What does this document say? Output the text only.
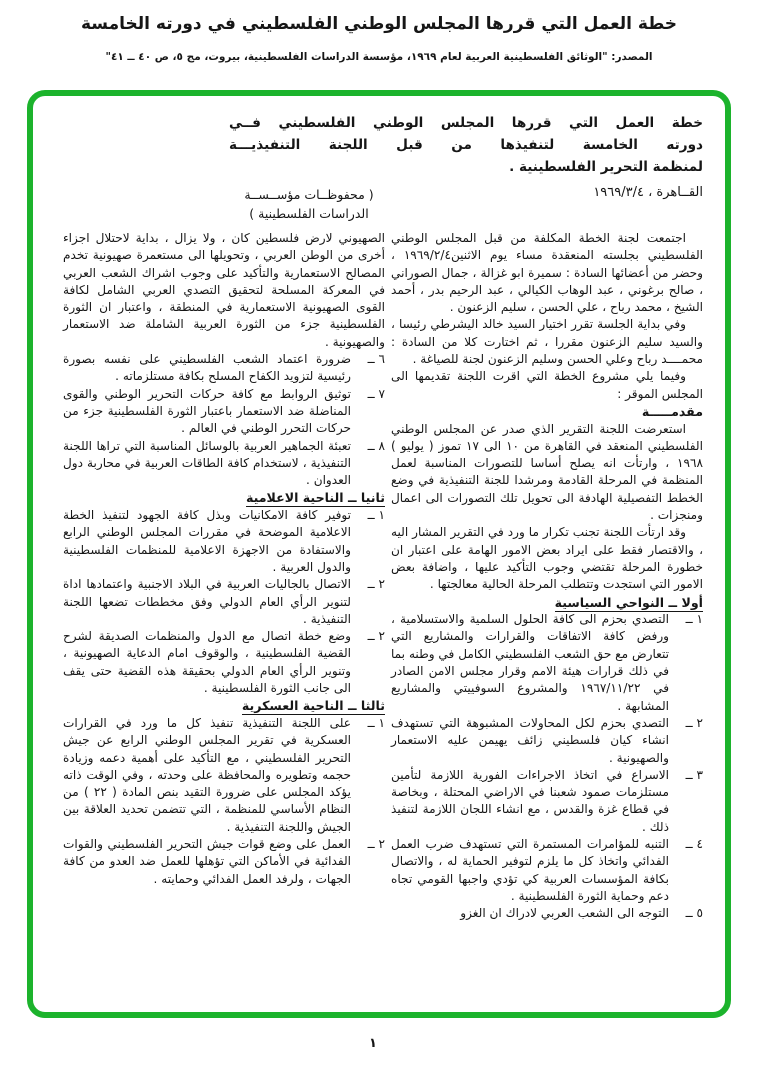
خطة العمل التي قررها المجلس الوطني الفلسطيني في دورته الخامسة
المصدر: "الوثائق الفلسطينية العربية لعام ١٩٦٩، مؤسسة الدراسات الفلسطينية، بيروت، مج ٥، ص ٤٠ ــ ٤١"
خطة العمل التي قررها المجلس الوطني الفلسطيني فــي
دورته الخامسة لتنفيذها من قبل اللجنة التنفيذيـــة
لمنظمة التحرير الفلسطينية .
القــاهرة ، ١٩٦٩/٣/٤
( محفوظــات مؤســســة
الدراسات الفلسطينية )

اجتمعت لجنة الخطة المكلفة من قبل المجلس الوطني الفلسطيني بجلسته المنعقدة مساء يوم الاثنين١٩٦٩/٢/٤ ، وحضر من أعضائها السادة : سميرة ابو غزالة ، جمال الصوراني ، صالح برغوني ، عبد الوهاب الكيالي ، عبد الرحيم بدر ، أحمد الشيخ ، محمد رباح ، علي الحسن ، سليم الزعنون .

وفي بداية الجلسة تقرر اختيار السيد خالد اليشرطي رئيسا ، والسيد سليم الزعنون مقررا ، ثم اختارت كلا من السادة : محمــــد رباح وعلي الحسن وسليم الزعنون لجنة للصياغة .

وفيما يلي مشروع الخطة التي اقرت اللجنة تقديمها الى المجلس الموقر :

مقدمـــــة

استعرضت اللجنة التقرير الذي صدر عن المجلس الوطني الفلسطيني المنعقد في القاهرة من ١٠ الى ١٧ تموز ( يوليو ) ١٩٦٨ ، وارتأت انه يصلح أساسا للتصورات المناسبة لعمل المنظمة في المرحلة القادمة ومرشدا للجنة التنفيذية في وضع الخطط التفصيلية الهادفة الى تحويل تلك التصورات الى اعمال ومنجزات .

وقد ارتأت اللجنة تجنب تكرار ما ورد في التقرير المشار اليه ، والاقتصار فقط على ايراد بعض الامور الهامة على اعتبار ان خطورة المرحلة تقتضي وجوب التأكيد عليها ، واضافة بعض الامور التي استجدت وتتطلب المرحلة الحالية معالجتها .

أولا ــ النواحي السياسية
١ ــ
التصدي بحزم الى كافة الحلول السلمية والاستسلامية ، ورفض كافة الاتفاقات والقرارات والمشاريع التي تتعارض مع حق الشعب الفلسطيني الكامل في وطنه بما في ذلك قرارات هيئة الامم وقرار مجلس الامن الصادر في ١٩٦٧/١١/٢٢ والمشروع السوفييتي والمشاريع المشابهة .
٢ ــ
التصدي بحزم لكل المحاولات المشبوهة التي تستهدف انشاء كيان فلسطيني زائف يهيمن عليه الاستعمار والصهيونية .
٣ ــ
الاسراع في اتخاذ الاجراءات الفورية اللازمة لتأمين مستلزمات صمود شعبنا في الاراضي المحتلة ، وبخاصة في قطاع غزة والقدس ، مع انشاء اللجان اللازمة لتنفيذ ذلك .
٤ ــ
التنبه للمؤامرات المستمرة التي تستهدف ضرب العمل الفدائي واتخاذ كل ما يلزم لتوفير الحماية له ، والاتصال بكافة المؤسسات العربية كي تؤدي واجبها القومي تجاه دعم وحماية الثورة الفلسطينية .
٥ ــ
التوجه الى الشعب العربي لادراك ان الغزو

الصهيوني لارض فلسطين كان ، ولا يزال ، بداية لاحتلال اجزاء أخرى من الوطن العربي ، وتحويلها الى مستعمرة صهيونية تخدم المصالح الاستعمارية والتأكيد على وجوب اشراك الشعب العربي في المعركة المسلحة لتحقيق التصدي العربي الشامل لكافة القوى الصهيونية الاستعمارية في المنطقة ، واعتبار ان الثورة الفلسطينية جزء من الثورة العربية الشاملة ضد الاستعمار والصهيونية .

٦ ــ
ضرورة اعتماد الشعب الفلسطيني على نفسه بصورة رئيسية لتزويد الكفاح المسلح بكافة مستلزماته .
٧ ــ
توثيق الروابط مع كافة حركات التحرير الوطني والقوى المناضلة ضد الاستعمار باعتبار الثورة الفلسطينية جزء من حركات التحرر الوطني في العالم .
٨ ــ
تعبئة الجماهير العربية بالوسائل المناسبة التي تراها اللجنة التنفيذية ، لاستخدام كافة الطاقات العربية في محاربة دول العدوان .
ثانيا ــ الناحية الاعلامية
١ ــ
توفير كافة الامكانيات وبذل كافة الجهود لتنفيذ الخطة الاعلامية الموضحة في مقررات المجلس الوطني الرابع والاستفادة من الاجهزة الاعلامية للمنظمات الفلسطينية والدول العربية .
٢ ــ
الاتصال بالجاليات العربية في البلاد الاجنبية واعتمادها اداة لتنوير الرأي العام الدولي وفق مخططات تضعها اللجنة التنفيذية .
٢ ــ
وضع خطة اتصال مع الدول والمنظمات الصديقة لشرح القضية الفلسطينية ، والوقوف امام الدعاية الصهيونية ، وتنوير الرأي العام الدولي بحقيقة هذه القضية حتى يقف الى جانب الثورة الفلسطينية .
ثالثا ــ الناحية العسكرية
١ ــ
على اللجنة التنفيذية تنفيذ كل ما ورد في القرارات العسكرية في تقرير المجلس الوطني الرابع عن جيش التحرير الفلسطيني ، مع التأكيد على أهمية دعمه وزيادة حجمه وتطويره والمحافظة على وحدته ، وفي الوقت ذاته يؤكد المجلس على ضرورة التقيد بنص المادة ( ٢٢ ) من النظام الأساسي للمنظمة ، التي تتضمن تحديد العلاقة بين الجيش واللجنة التنفيذية .
٢ ــ
العمل على وضع قوات جيش التحرير الفلسطيني والقوات الفدائية في الأماكن التي تؤهلها للعمل ضد العدو من كافة الجهات ، ولرفد العمل الفدائي وحمايته .
١
